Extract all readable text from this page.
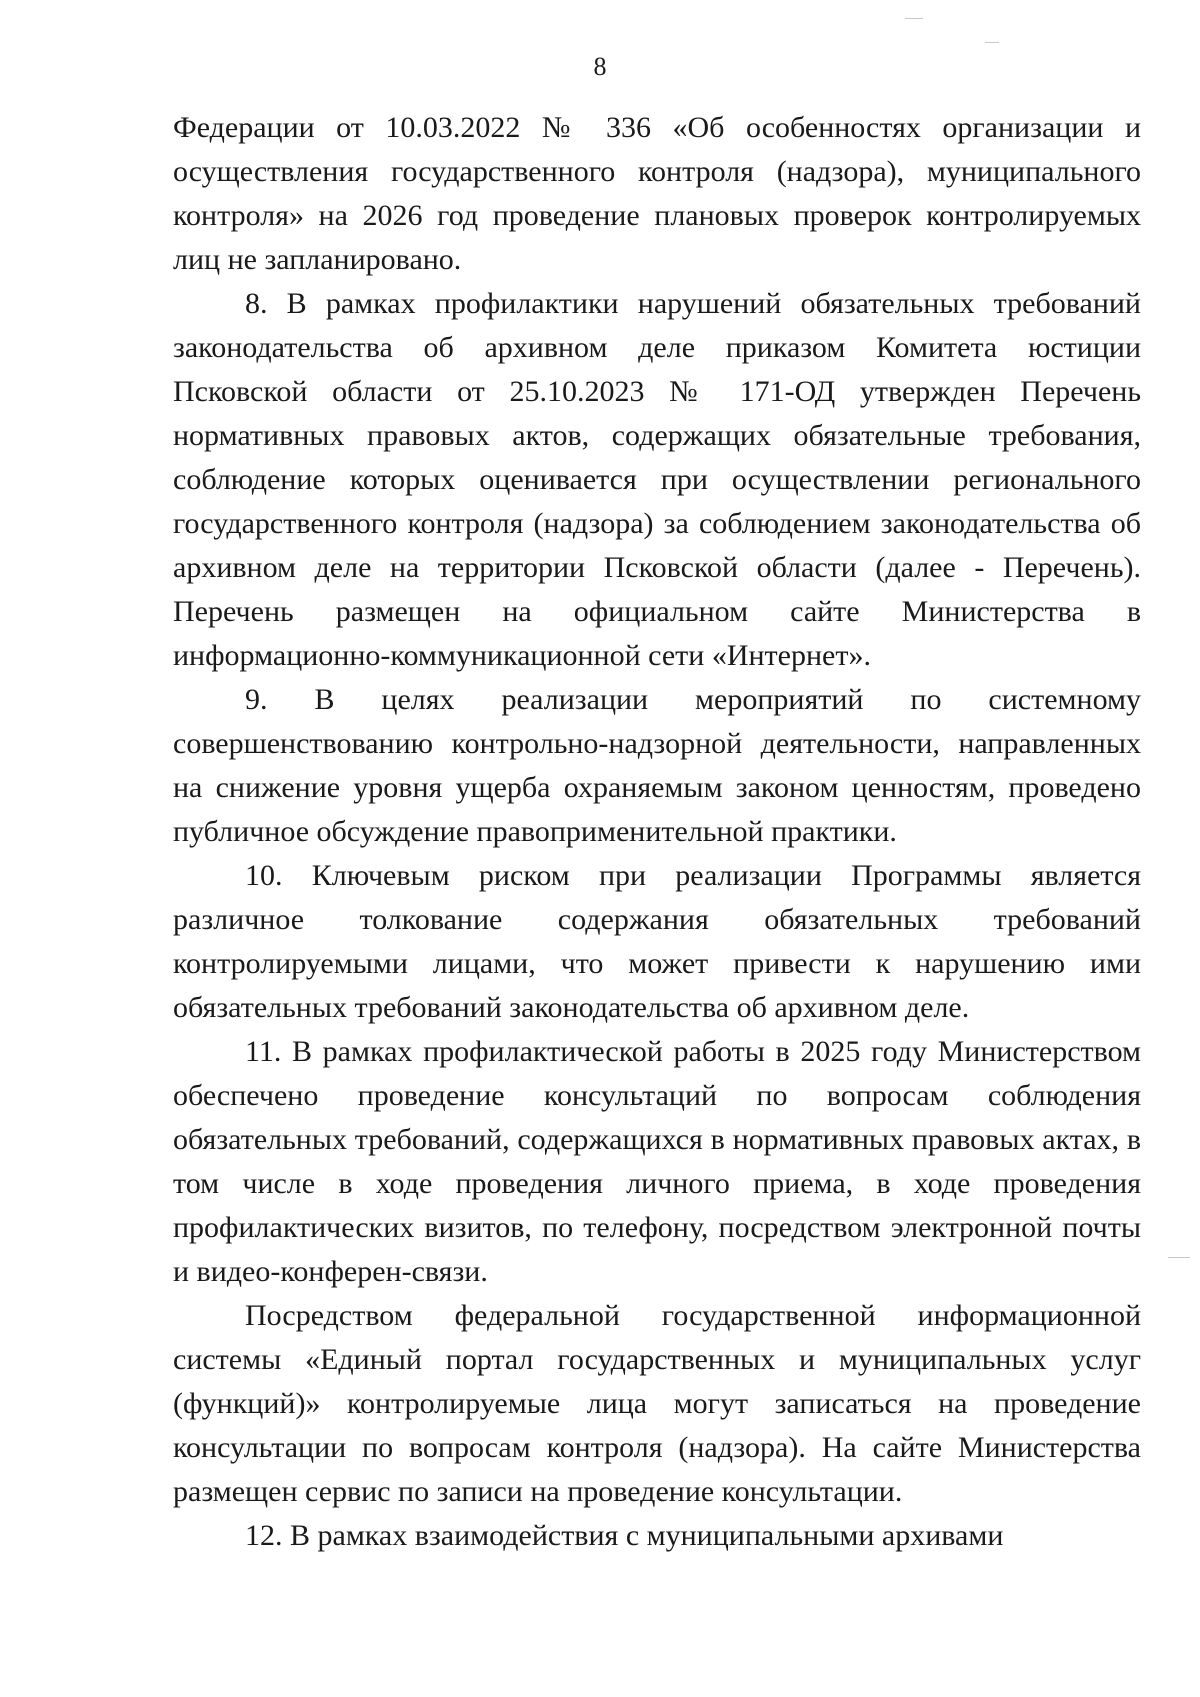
8

Федерации от 10.03.2022 № 336 «Об особенностях организации и осуществления государственного контроля (надзора), муниципального контроля» на 2026 год проведение плановых проверок контролируемых лиц не запланировано.

8. В рамках профилактики нарушений обязательных требований законодательства об архивном деле приказом Комитета юстиции Псковской области от 25.10.2023 № 171-ОД утвержден Перечень нормативных правовых актов, содержащих обязательные требования, соблюдение которых оценивается при осуществлении регионального государственного контроля (надзора) за соблюдением законодательства об архивном деле на территории Псковской области (далее - Перечень). Перечень размещен на официальном сайте Министерства в информационно-коммуникационной сети «Интернет».

9. В целях реализации мероприятий по системному совершенствованию контрольно-надзорной деятельности, направленных на снижение уровня ущерба охраняемым законом ценностям, проведено публичное обсуждение правоприменительной практики.

10. Ключевым риском при реализации Программы является различное толкование содержания обязательных требований контролируемыми лицами, что может привести к нарушению ими обязательных требований законодательства об архивном деле.

11. В рамках профилактической работы в 2025 году Министерством обеспечено проведение консультаций по вопросам соблюдения обязательных требований, содержащихся в нормативных правовых актах, в том числе в ходе проведения личного приема, в ходе проведения профилактических визитов, по телефону, посредством электронной почты и видео-конферен-связи.

Посредством федеральной государственной информационной системы «Единый портал государственных и муниципальных услуг (функций)» контролируемые лица могут записаться на проведение консультации по вопросам контроля (надзора). На сайте Министерства размещен сервис по записи на проведение консультации.

12. В рамках взаимодействия с муниципальными архивами
